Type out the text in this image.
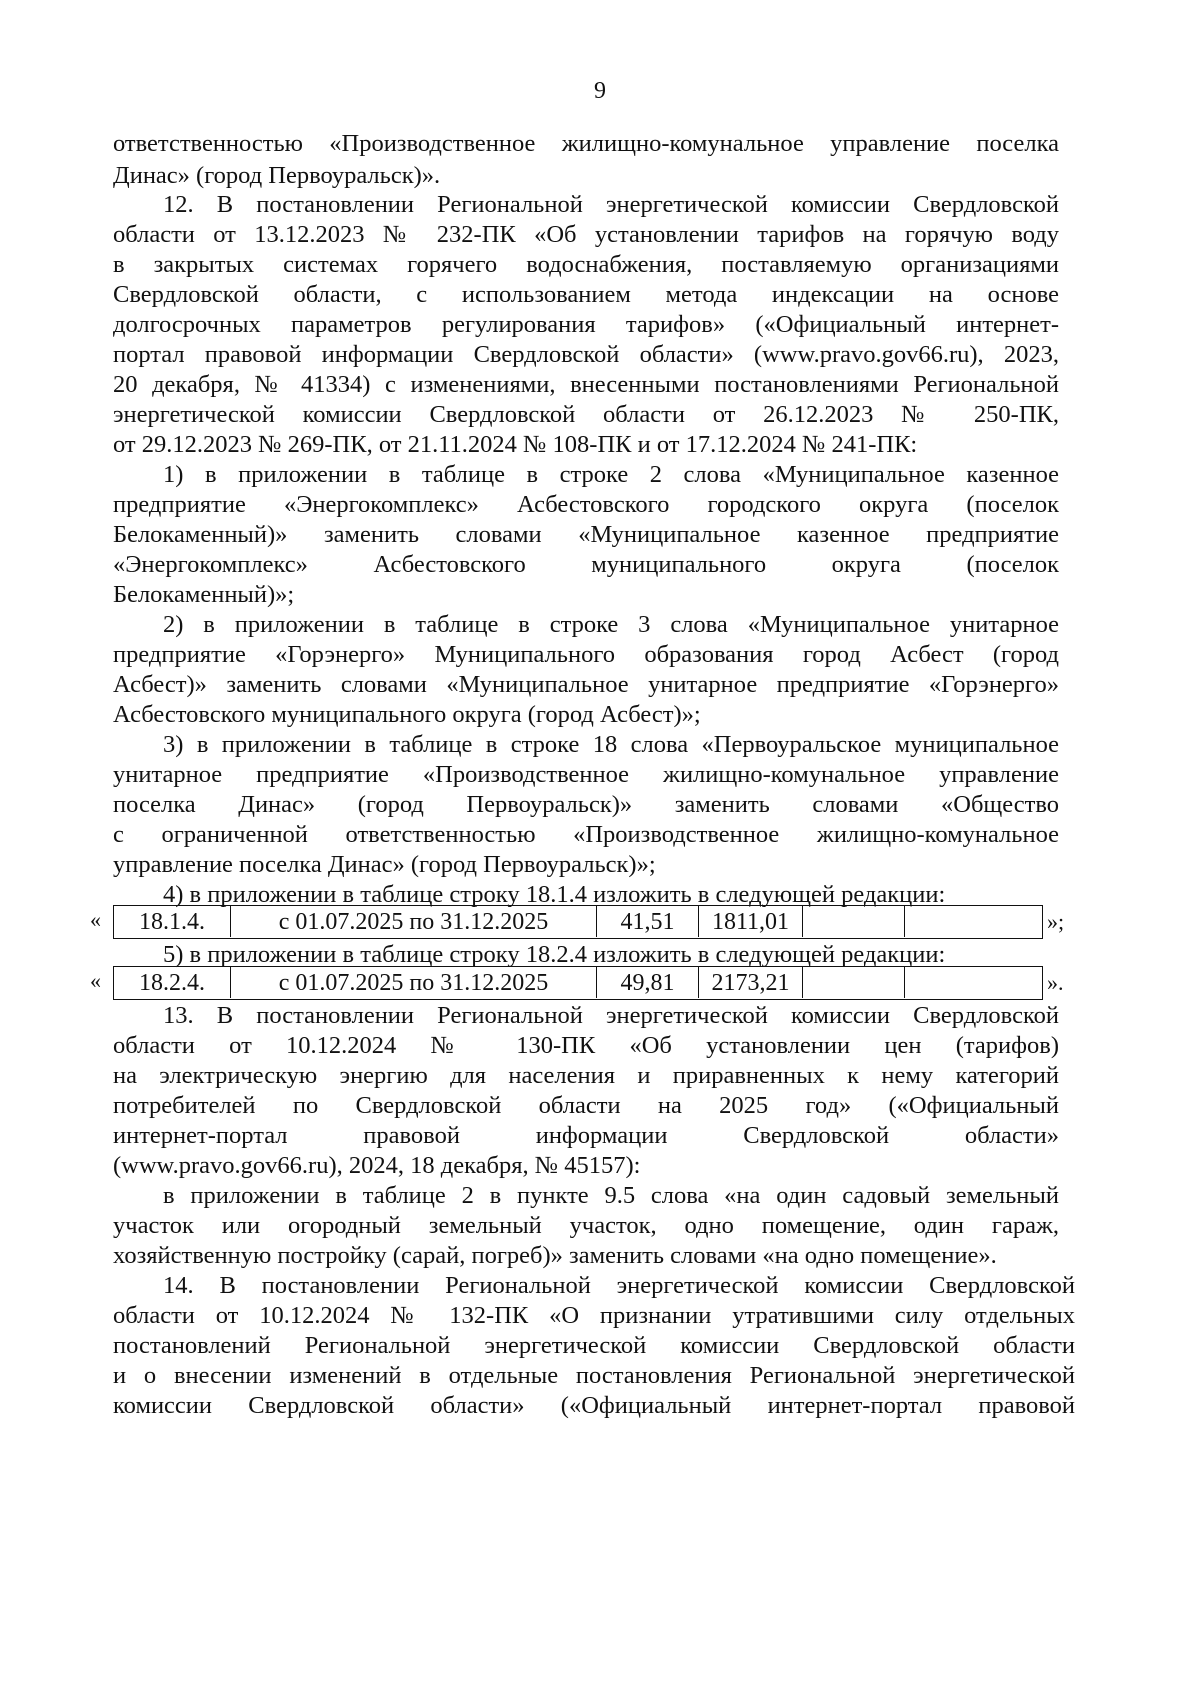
9
ответственностью «Производственное жилищно-комунальное управление поселка
Динас» (город Первоуральск)».
12. В постановлении Региональной энергетической комиссии Свердловской
области от 13.12.2023 № 232-ПК «Об установлении тарифов на горячую воду
в закрытых системах горячего водоснабжения, поставляемую организациями
Свердловской области, с использованием метода индексации на основе
долгосрочных параметров регулирования тарифов» («Официальный интернет-
портал правовой информации Свердловской области» (www.pravo.gov66.ru), 2023,
20 декабря, № 41334) с изменениями, внесенными постановлениями Региональной
энергетической комиссии Свердловской области от 26.12.2023 № 250-ПК,
от 29.12.2023 № 269-ПК, от 21.11.2024 № 108-ПК и от 17.12.2024 № 241-ПК:
1) в приложении в таблице в строке 2 слова «Муниципальное казенное
предприятие «Энергокомплекс» Асбестовского городского округа (поселок
Белокаменный)» заменить словами «Муниципальное казенное предприятие
«Энергокомплекс» Асбестовского муниципального округа (поселок
Белокаменный)»;
2) в приложении в таблице в строке 3 слова «Муниципальное унитарное
предприятие «Горэнерго» Муниципального образования город Асбест (город
Асбест)» заменить словами «Муниципальное унитарное предприятие «Горэнерго»
Асбестовского муниципального округа (город Асбест)»;
3) в приложении в таблице в строке 18 слова «Первоуральское муниципальное
унитарное предприятие «Производственное жилищно-комунальное управление
поселка Динас» (город Первоуральск)» заменить словами «Общество
с ограниченной ответственностью «Производственное жилищно-комунальное
управление поселка Динас» (город Первоуральск)»;
4) в приложении в таблице строку 18.1.4 изложить в следующей редакции:
«	18.1.4.	с 01.07.2025 по 31.12.2025	41,51	1811,01	»;
5) в приложении в таблице строку 18.2.4 изложить в следующей редакции:
«	18.2.4.	с 01.07.2025 по 31.12.2025	49,81	2173,21	».
13. В постановлении Региональной энергетической комиссии Свердловской
области от 10.12.2024 № 130-ПК «Об установлении цен (тарифов)
на электрическую энергию для населения и приравненных к нему категорий
потребителей по Свердловской области на 2025 год» («Официальный
интернет-портал правовой информации Свердловской области»
(www.pravo.gov66.ru), 2024, 18 декабря, № 45157):
в приложении в таблице 2 в пункте 9.5 слова «на один садовый земельный
участок или огородный земельный участок, одно помещение, один гараж,
хозяйственную постройку (сарай, погреб)» заменить словами «на одно помещение».
14. В постановлении Региональной энергетической комиссии Свердловской
области от 10.12.2024 № 132-ПК «О признании утратившими силу отдельных
постановлений Региональной энергетической комиссии Свердловской области
и о внесении изменений в отдельные постановления Региональной энергетической
комиссии Свердловской области» («Официальный интернет-портал правовой
